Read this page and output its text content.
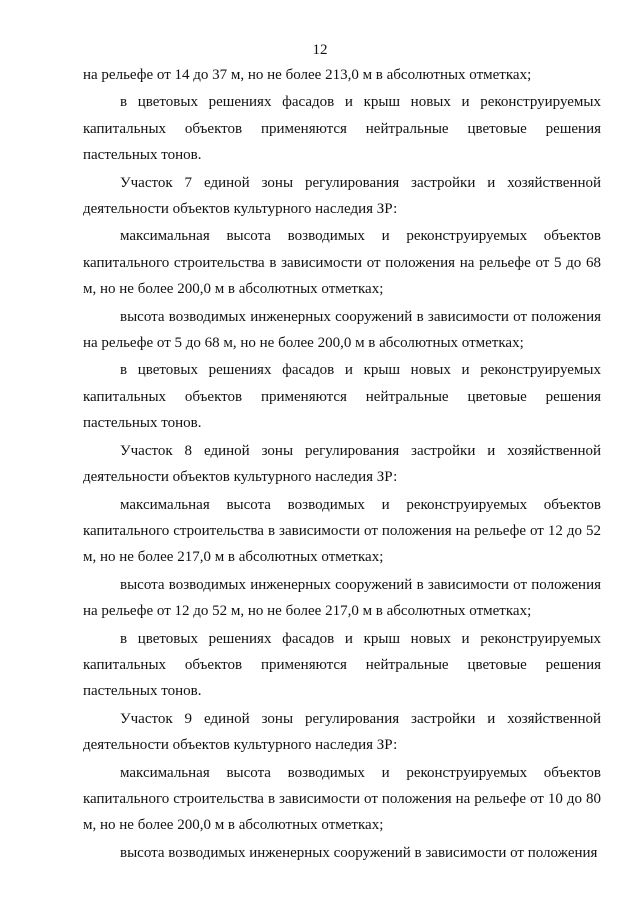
12

на рельефе от 14 до 37 м, но не более 213,0 м в абсолютных отметках;

в цветовых решениях фасадов и крыш новых и реконструируемых капитальных объектов применяются нейтральные цветовые решения пастельных тонов.

Участок 7 единой зоны регулирования застройки и хозяйственной деятельности объектов культурного наследия ЗР:

максимальная высота возводимых и реконструируемых объектов капитального строительства в зависимости от положения на рельефе от 5 до 68 м, но не более 200,0 м в абсолютных отметках;

высота возводимых инженерных сооружений в зависимости от положения на рельефе от 5 до 68 м, но не более 200,0 м в абсолютных отметках;

в цветовых решениях фасадов и крыш новых и реконструируемых капитальных объектов применяются нейтральные цветовые решения пастельных тонов.

Участок 8 единой зоны регулирования застройки и хозяйственной деятельности объектов культурного наследия ЗР:

максимальная высота возводимых и реконструируемых объектов капитального строительства в зависимости от положения на рельефе от 12 до 52 м, но не более 217,0 м в абсолютных отметках;

высота возводимых инженерных сооружений в зависимости от положения на рельефе от 12 до 52 м, но не более 217,0 м в абсолютных отметках;

в цветовых решениях фасадов и крыш новых и реконструируемых капитальных объектов применяются нейтральные цветовые решения пастельных тонов.

Участок 9 единой зоны регулирования застройки и хозяйственной деятельности объектов культурного наследия ЗР:

максимальная высота возводимых и реконструируемых объектов капитального строительства в зависимости от положения на рельефе от 10 до 80 м, но не более 200,0 м в абсолютных отметках;

высота возводимых инженерных сооружений в зависимости от положения
